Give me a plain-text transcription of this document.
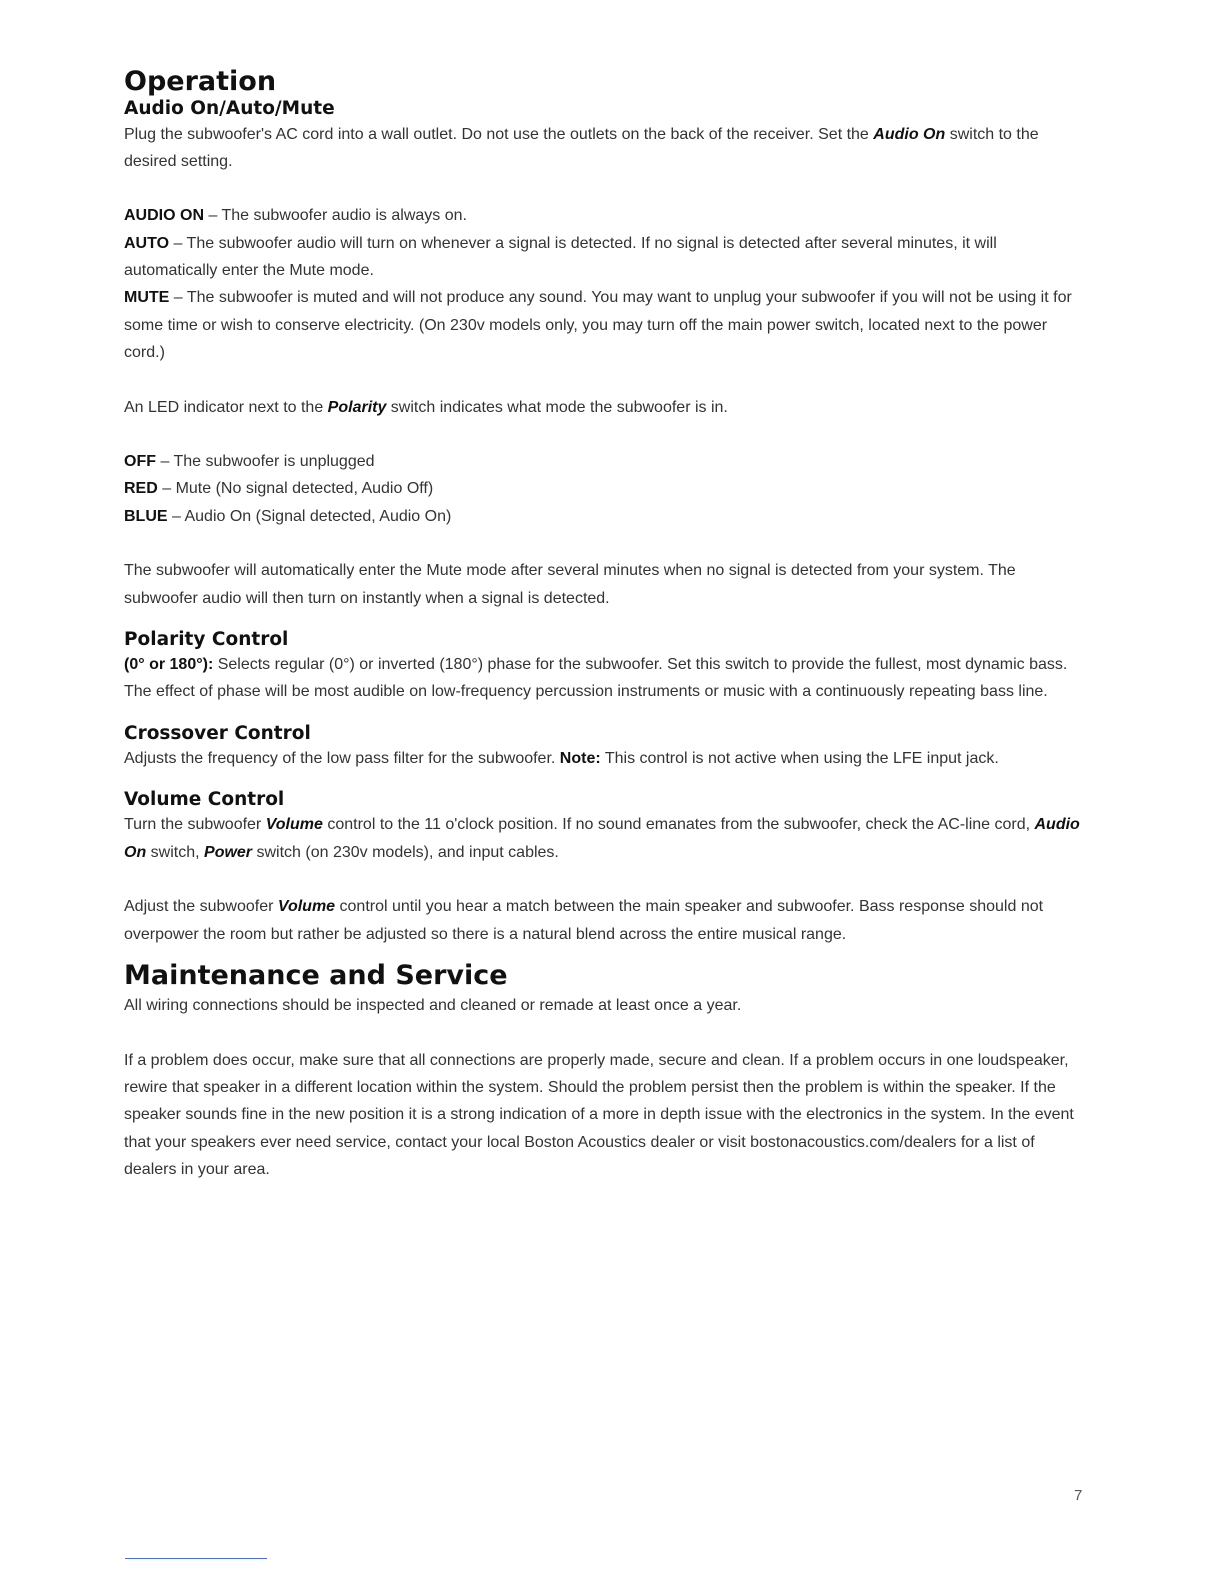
Operation
Audio On/Auto/Mute

Plug the subwoofer's AC cord into a wall outlet. Do not use the outlets on the back of the receiver. Set the Audio On switch to the desired setting.

AUDIO ON – The subwoofer audio is always on.

AUTO – The subwoofer audio will turn on whenever a signal is detected. If no signal is detected after several minutes, it will automatically enter the Mute mode.

MUTE – The subwoofer is muted and will not produce any sound. You may want to unplug your subwoofer if you will not be using it for some time or wish to conserve electricity. (On 230v models only, you may turn off the main power switch, located next to the power cord.)

An LED indicator next to the Polarity switch indicates what mode the subwoofer is in.

OFF – The subwoofer is unplugged

RED – Mute (No signal detected, Audio Off)

BLUE – Audio On (Signal detected, Audio On)

The subwoofer will automatically enter the Mute mode after several minutes when no signal is detected from your system. The subwoofer audio will then turn on instantly when a signal is detected.

Polarity Control

(0° or 180°): Selects regular (0°) or inverted (180°) phase for the subwoofer. Set this switch to provide the fullest, most dynamic bass. The effect of phase will be most audible on low-frequency percussion instruments or music with a continuously repeating bass line.

Crossover Control

Adjusts the frequency of the low pass filter for the subwoofer. Note: This control is not active when using the LFE input jack.

Volume Control

Turn the subwoofer Volume control to the 11 o'clock position. If no sound emanates from the subwoofer, check the AC-line cord, Audio On switch, Power switch (on 230v models), and input cables.

Adjust the subwoofer Volume control until you hear a match between the main speaker and subwoofer. Bass response should not overpower the room but rather be adjusted so there is a natural blend across the entire musical range.

Maintenance and Service

All wiring connections should be inspected and cleaned or remade at least once a year.

If a problem does occur, make sure that all connections are properly made, secure and clean. If a problem occurs in one loudspeaker, rewire that speaker in a different location within the system. Should the problem persist then the problem is within the speaker. If the speaker sounds fine in the new position it is a strong indication of a more in depth issue with the electronics in the system. In the event that your speakers ever need service, contact your local Boston Acoustics dealer or visit bostonacoustics.com/dealers for a list of dealers in your area.

7
